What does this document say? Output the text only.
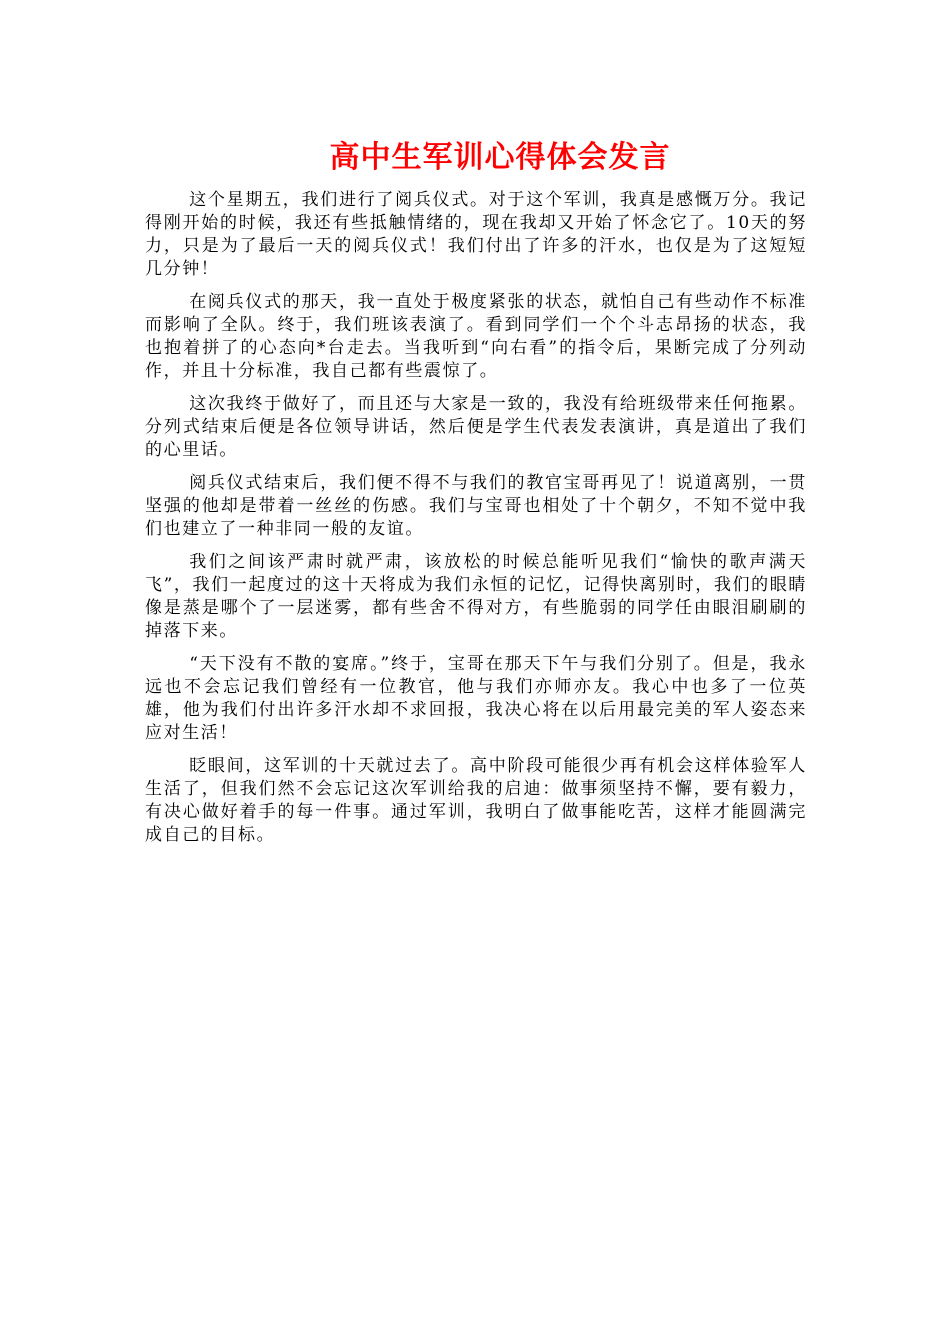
高中生军训心得体会发言

这个星期五，我们进行了阅兵仪式。对于这个军训，我真是感慨万分。我记得刚开始的时候，我还有些抵触情绪的，现在我却又开始了怀念它了。10天的努力，只是为了最后一天的阅兵仪式！我们付出了许多的汗水，也仅是为了这短短几分钟！

在阅兵仪式的那天，我一直处于极度紧张的状态，就怕自己有些动作不标准而影响了全队。终于，我们班该表演了。看到同学们一个个斗志昂扬的状态，我也抱着拼了的心态向*台走去。当我听到“向右看”的指令后，果断完成了分列动作，并且十分标准，我自己都有些震惊了。

这次我终于做好了，而且还与大家是一致的，我没有给班级带来任何拖累。分列式结束后便是各位领导讲话，然后便是学生代表发表演讲，真是道出了我们的心里话。

阅兵仪式结束后，我们便不得不与我们的教官宝哥再见了！说道离别，一贯坚强的他却是带着一丝丝的伤感。我们与宝哥也相处了十个朝夕，不知不觉中我们也建立了一种非同一般的友谊。

我们之间该严肃时就严肃，该放松的时候总能听见我们“愉快的歌声满天飞”，我们一起度过的这十天将成为我们永恒的记忆，记得快离别时，我们的眼睛像是蒸是哪个了一层迷雾，都有些舍不得对方，有些脆弱的同学任由眼泪刷刷的掉落下来。

“天下没有不散的宴席。”终于，宝哥在那天下午与我们分别了。但是，我永远也不会忘记我们曾经有一位教官，他与我们亦师亦友。我心中也多了一位英雄，他为我们付出许多汗水却不求回报，我决心将在以后用最完美的军人姿态来应对生活！

眨眼间，这军训的十天就过去了。高中阶段可能很少再有机会这样体验军人生活了，但我们然不会忘记这次军训给我的启迪：做事须坚持不懈，要有毅力，有决心做好着手的每一件事。通过军训，我明白了做事能吃苦，这样才能圆满完成自己的目标。
